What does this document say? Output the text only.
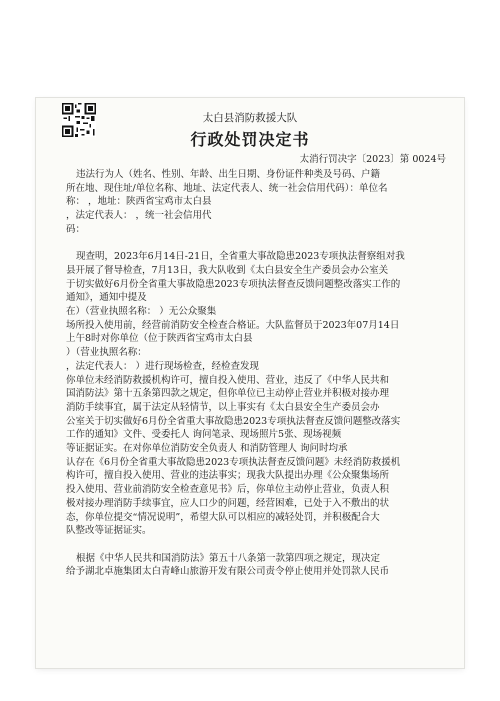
太白县消防救援大队
行政处罚决定书
太消行罚决字〔2023〕第 0024号
违法行为人（姓名、性别、年龄、出生日期、身份证件种类及号码、户籍
所在地、现住址/单位名称、地址、法定代表人、统一社会信用代码）：单位名
称： ，地址：陕西省宝鸡市太白县
，法定代表人： ，统一社会信用代
码：
现查明，2023年6月14日-21日，全省重大事故隐患2023专项执法督察组对我
县开展了督导检查，7月13日，我大队收到《太白县安全生产委员会办公室关
于切实做好6月份全省重大事故隐患2023专项执法督查反馈问题整改落实工作的
通知》，通知中提及
在）（营业执照名称： ）无公众聚集
场所投入使用前，经营前消防安全检查合格证。大队监督员于2023年07月14日
上午8时对你单位（位于陕西省宝鸡市太白县
）（营业执照名称：
，法定代表人： ）进行现场检查，经检查发现
你单位未经消防救援机构许可，擅自投入使用、营业，违反了《中华人民共和
国消防法》第十五条第四款之规定，但你单位已主动停止营业并积极对接办理
消防手续事宜，属于法定从轻情节，以上事实有《太白县安全生产委员会办
公室关于切实做好6月份全省重大事故隐患2023专项执法督查反馈问题整改落实
工作的通知》文件、受委托人 询问笔录、现场照片5张、现场视频
等证据证实。在对你单位消防安全负责人 和消防管理人 询问时均承
认存在《6月份全省重大事故隐患2023专项执法督查反馈问题》未经消防救援机
构许可，擅自投入使用、营业的违法事实；现我大队提出办理《公众聚集场所
投入使用、营业前消防安全检查意见书》后，你单位主动停止营业，负责人积
极对接办理消防手续事宜，应人口少的问题，经营困难，已处于入不敷出的状
态，你单位提交“情况说明”，希望大队可以相应的减轻处罚，并积极配合大
队整改等证据证实。
根据《中华人民共和国消防法》第五十八条第一款第四项之规定，现决定
给予湖北卓施集团太白青峰山旅游开发有限公司责令停止使用并处罚款人民币
